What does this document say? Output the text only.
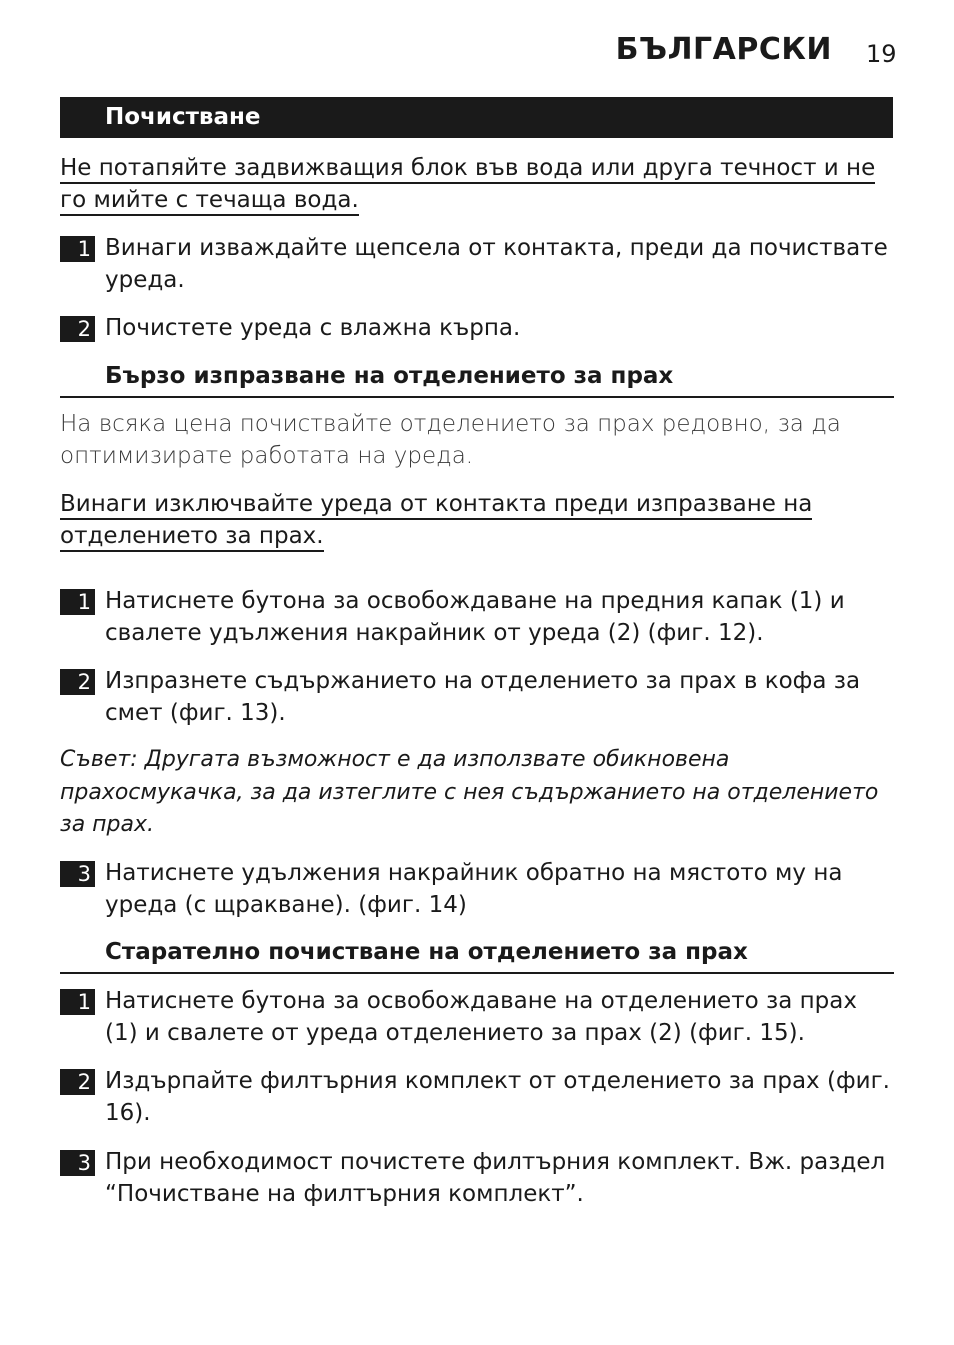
БЪЛГАРСКИ 19
Почистване
Не потапяйте задвижващия блок във вода или друга течност и не го мийте с течаща вода.
1 Винаги изваждайте щепсела от контакта, преди да почиствате уреда.
2 Почистете уреда с влажна кърпа.
Бързо изпразване на отделението за прах
На всяка цена почиствайте отделението за прах редовно, за да оптимизирате работата на уреда.
Винаги изключвайте уреда от контакта преди изпразване на отделението за прах.
1 Натиснете бутона за освобождаване на предния капак (1) и свалете удължения накрайник от уреда (2) (фиг. 12).
2 Изпразнете съдържанието на отделението за прах в кофа за смет (фиг. 13).
Съвет: Другата възможност е да използвате обикновена прахосмукачка, за да изтеглите с нея съдържанието на отделението за прах.
3 Натиснете удължения накрайник обратно на мястото му на уреда (с щракване). (фиг. 14)
Старателно почистване на отделението за прах
1 Натиснете бутона за освобождаване на отделението за прах (1) и свалете от уреда отделението за прах (2) (фиг. 15).
2 Издърпайте филтърния комплект от отделението за прах (фиг. 16).
3 При необходимост почистете филтърния комплект. Вж. раздел “Почистване на филтърния комплект”.
